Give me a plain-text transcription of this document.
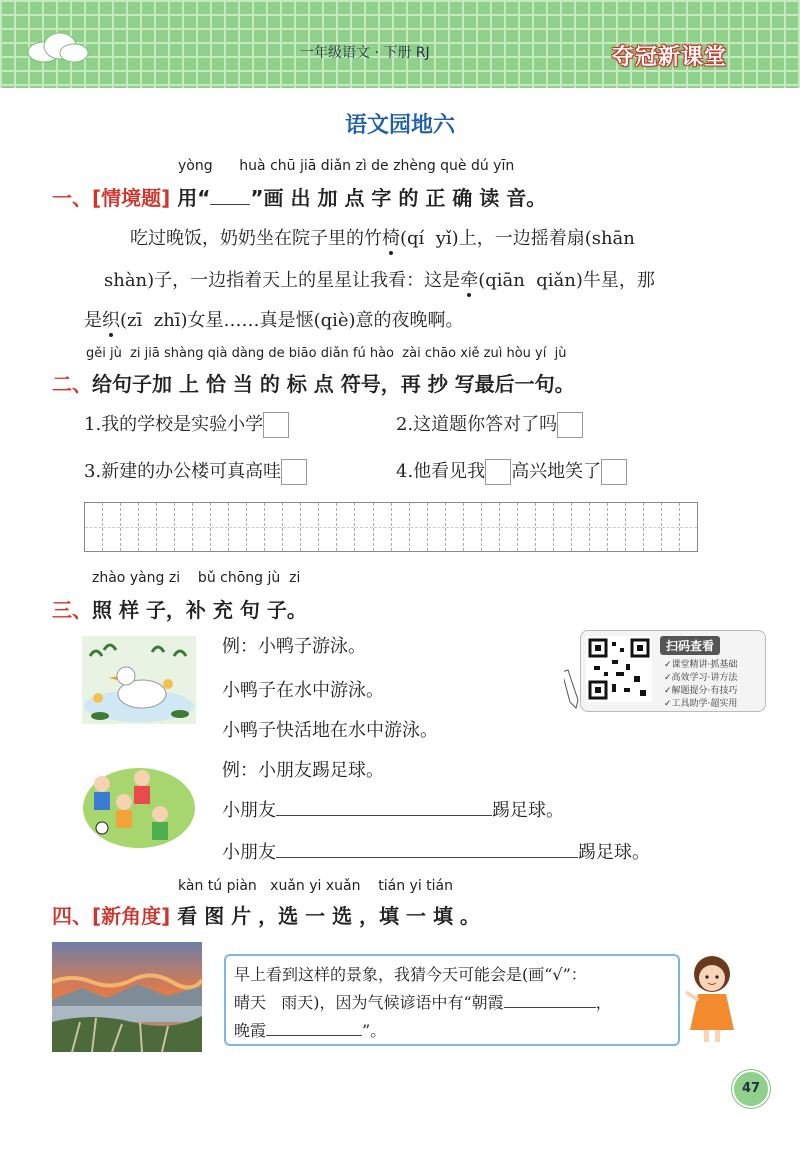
一年级语文 · 下册 RJ	夺冠新课堂
语文园地六
yòng      huà chū jiā diǎn zì de zhèng què dú yīn
一、[情境题] 用“ ”画 出 加 点 字 的 正 确 读 音。
吃过晚饭，奶奶坐在院子里的竹椅(qí  yǐ)上，一边摇着扇(shān
shàn)子，一边指着天上的星星让我看：这是牵(qiān  qiǎn)牛星，那
是织(zī  zhī)女星……真是惬(qiè)意的夜晚啊。
gěi jù  zi jiā shàng qià dàng de biāo diǎn fú hào  zài chāo xiě zuì hòu yí  jù
二、给句子加 上 恰 当 的 标 点 符号，再 抄 写最后一句。
1.我的学校是实验小学	2.这道题你答对了吗
3.新建的办公楼可真高哇	4.他看见我 高兴地笑了
zhào yàng zi    bǔ chōng jù  zi
三、照 样 子，补 充 句 子。
例：小鸭子游泳。
小鸭子在水中游泳。
小鸭子快活地在水中游泳。
扫码查看
✓课堂精讲·抓基础
✓高效学习·讲方法
✓解题提分·有技巧
✓工具助学·超实用
例：小朋友踢足球。
小朋友	踢足球。
小朋友	踢足球。
kàn tú piàn   xuǎn yi xuǎn    tián yi tián
四、[新角度] 看 图 片 ，选 一 选 ，填 一 填 。
早上看到这样的景象，我猜今天可能会是(画“√”：
晴天   雨天)，因为气候谚语中有“朝霞	，
晚霞	”。
47
